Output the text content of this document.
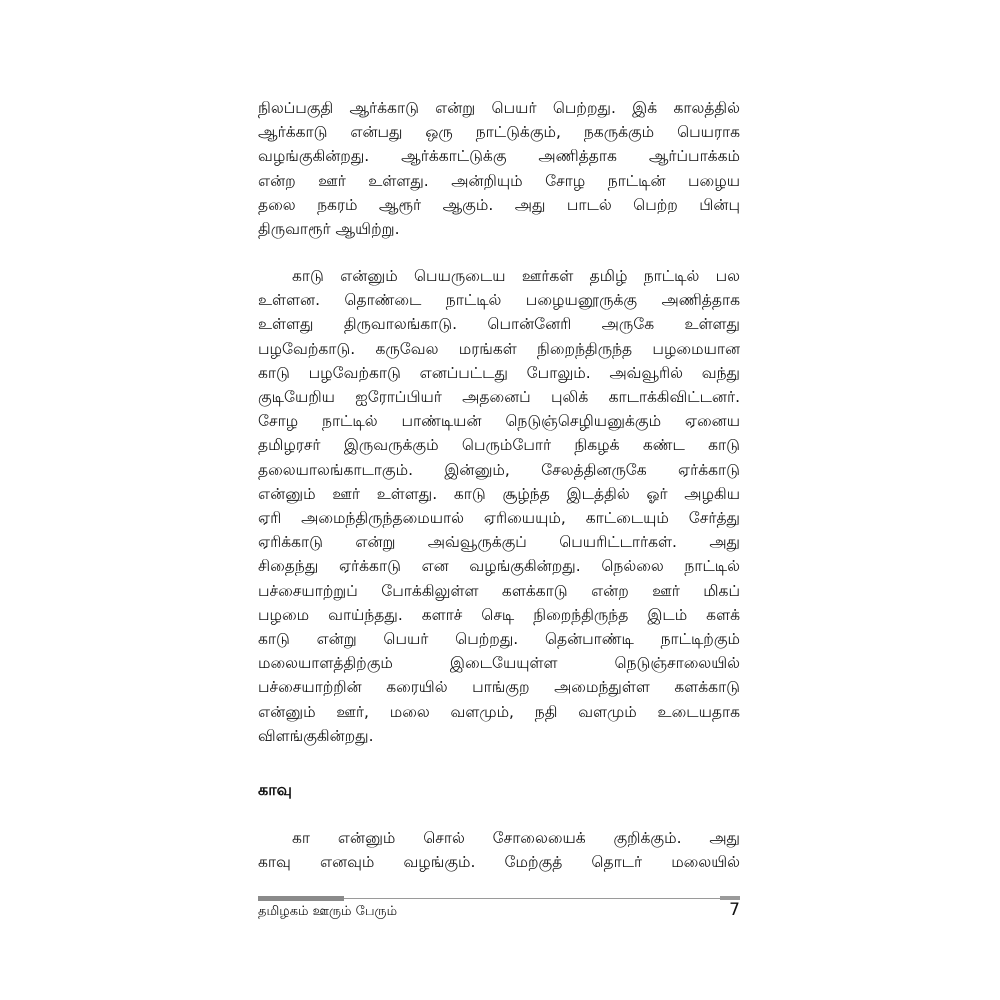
நிலப்பகுதி ஆர்க்காடு என்று பெயர் பெற்றது. இக் காலத்தில்

ஆர்க்காடு என்பது ஒரு நாட்டுக்கும், நகருக்கும் பெயராக

வழங்குகின்றது. ஆர்க்காட்டுக்கு அணித்தாக ஆர்ப்பாக்கம்

என்ற ஊர் உள்ளது. அன்றியும் சோழ நாட்டின் பழைய

தலை நகரம் ஆரூர் ஆகும். அது பாடல் பெற்ற பின்பு

திருவாரூர் ஆயிற்று.

காடு என்னும் பெயருடைய ஊர்கள் தமிழ் நாட்டில் பல

உள்ளன. தொண்டை நாட்டில் பழையனூருக்கு அணித்தாக

உள்ளது திருவாலங்காடு. பொன்னேரி அருகே உள்ளது

பழவேற்காடு. கருவேல மரங்கள் நிறைந்திருந்த பழமையான

காடு பழவேற்காடு எனப்பட்டது போலும். அவ்வூரில் வந்து

குடியேறிய ஐரோப்பியர் அதனைப் புலிக் காடாக்கிவிட்டனர்.

சோழ நாட்டில் பாண்டியன் நெடுஞ்செழியனுக்கும் ஏனைய

தமிழரசர் இருவருக்கும் பெரும்போர் நிகழக் கண்ட காடு

தலையாலங்காடாகும். இன்னும், சேலத்தினருகே ஏர்க்காடு

என்னும் ஊர் உள்ளது. காடு சூழ்ந்த இடத்தில் ஓர் அழகிய

ஏரி அமைந்திருந்தமையால் ஏரியையும், காட்டையும் சேர்த்து

ஏரிக்காடு என்று அவ்வூருக்குப் பெயரிட்டார்கள். அது

சிதைந்து ஏர்க்காடு என வழங்குகின்றது. நெல்லை நாட்டில்

பச்சையாற்றுப் போக்கிலுள்ள களக்காடு என்ற ஊர் மிகப்

பழமை வாய்ந்தது. களாச் செடி நிறைந்திருந்த இடம் களக்

காடு என்று பெயர் பெற்றது. தென்பாண்டி நாட்டிற்கும்

மலையாளத்திற்கும் இடையேயுள்ள நெடுஞ்சாலையில்

பச்சையாற்றின் கரையில் பாங்குற அமைந்துள்ள களக்காடு

என்னும் ஊர், மலை வளமும், நதி வளமும் உடையதாக

விளங்குகின்றது.

காவு

கா என்னும் சொல் சோலையைக் குறிக்கும். அது

காவு எனவும் வழங்கும். மேற்குத் தொடர் மலையில்

தமிழகம் ஊரும் பேரும்	7
